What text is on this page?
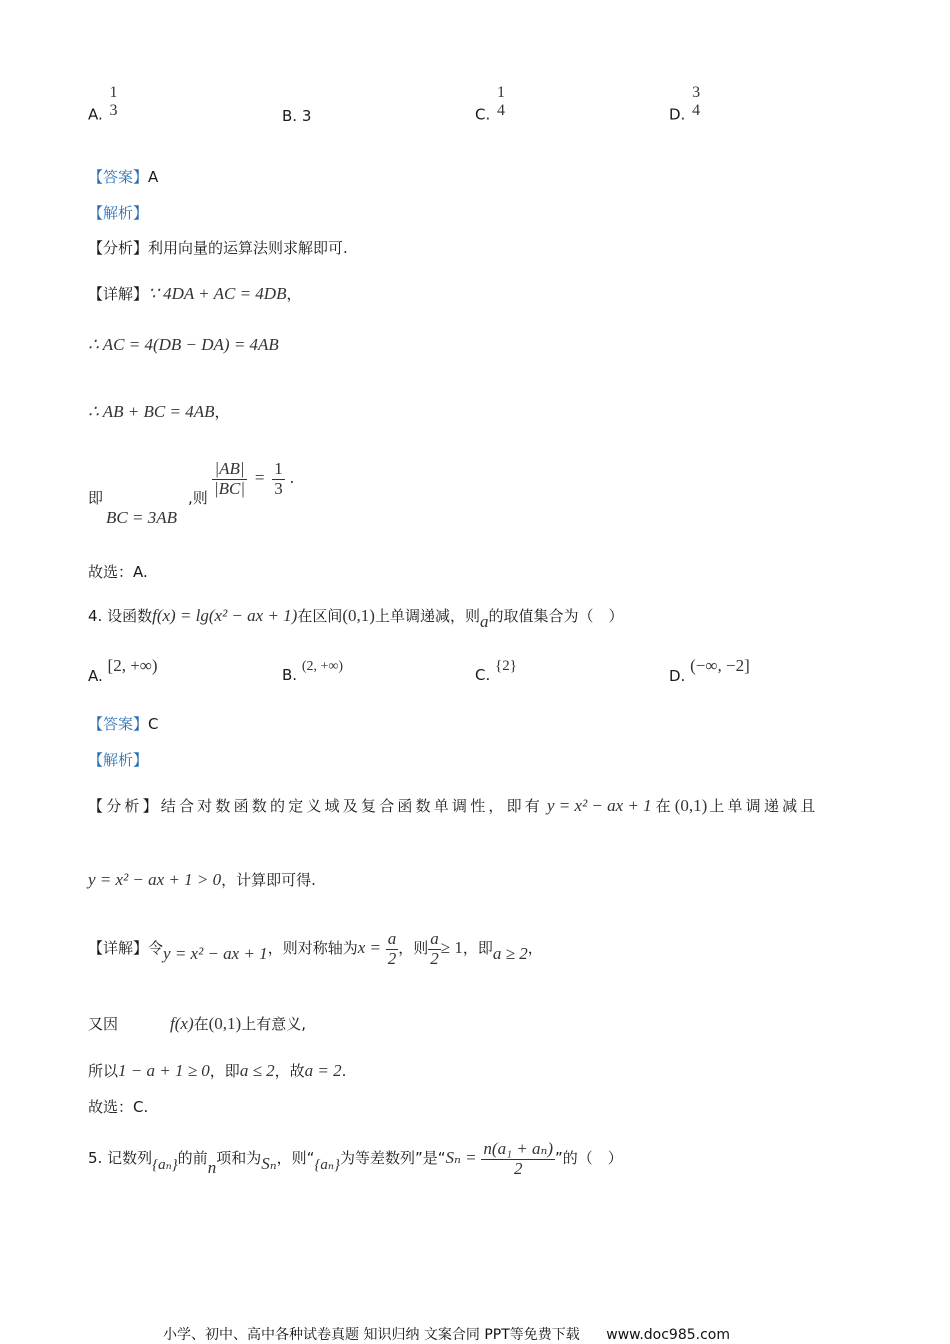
A.
1
3	B. 3	C.
1
4	D.
3
4
【答案】A
【解析】
【分析】利用向量的运算法则求解即可.
【详解】∵ 4DA + AC = 4DB，
∴ AC = 4(DB − DA) = 4AB
∴ AB + BC = 4AB，
即
BC = 3AB
,则 $\frac{|AB|}{|BC|} = \frac{1}{3}$ .
故选：A.
4. 设函数f(x) = lg(x² − ax + 1)在区间(0,1)上单调递减，则a的取值集合为（　）
A. [2, +∞)	B. (2, +∞)	C. {2}
D. (−∞, −2]
【答案】C
【解析】
【分析】结合对数函数的定义域及复合函数单调性，即有 y = x² − ax + 1 在 (0,1) 上单调递减且
y = x² − ax + 1 > 0，计算即可得.
【详解】令y = x² − ax + 1，则对称轴为$x = \frac{a}{2}$ ，则 $\frac{a}{2} \ge 1$，即a ≥ 2，
又因	f(x)在(0,1)上有意义,
所以1 − a + 1 ≥ 0，即a ≤ 2，故a = 2.
故选：C.
5. 记数列{aₙ}的前n项和为Sₙ，则“{aₙ}为等差数列”是“$S_n = \frac{\text{n(a₁ + aₙ)}}{2}$ ”的（　）
小学、初中、高中各种试卷真题 知识归纳 文案合同 PPT等免费下载 www.doc985.com
